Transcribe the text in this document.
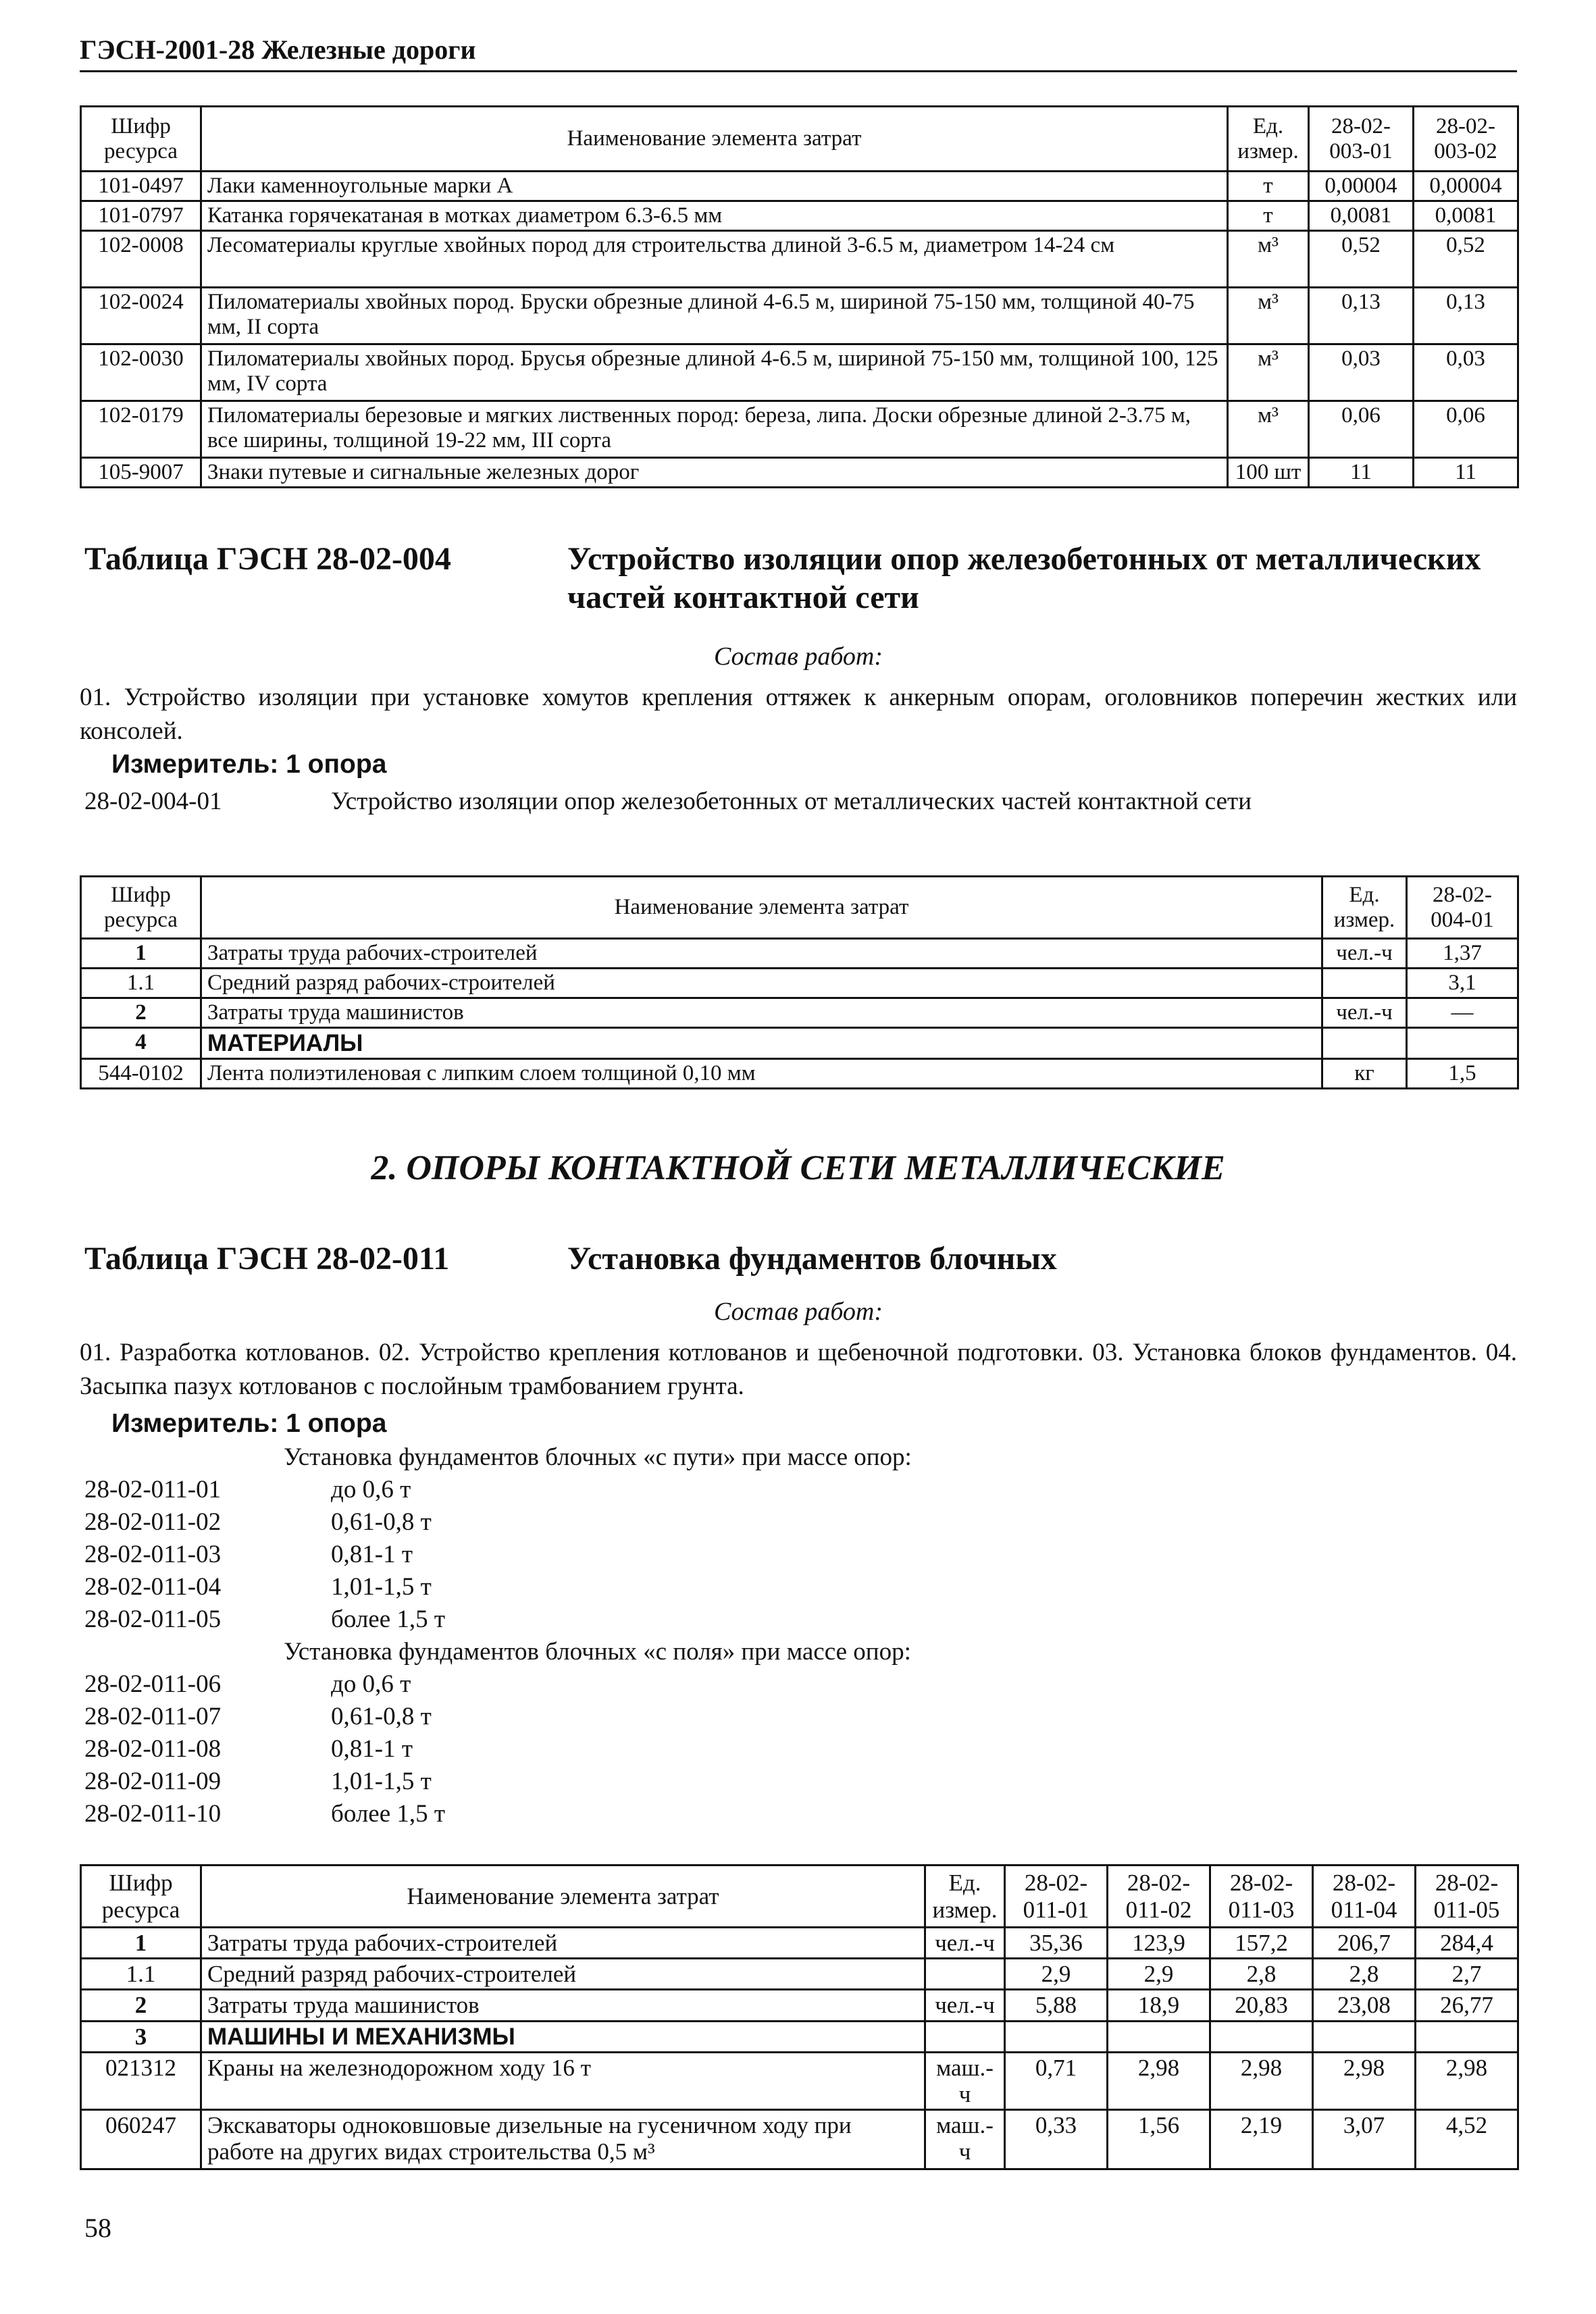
ГЭСН-2001-28 Железные дороги
Шифр ресурса	Наименование элемента затрат	Ед. измер.	28-02-003-01	28-02-003-02
101-0497	Лаки каменноугольные марки А	т	0,00004	0,00004
101-0797	Катанка горячекатаная в мотках диаметром 6.3-6.5 мм	т	0,0081	0,0081
102-0008	Лесоматериалы круглые хвойных пород для строительства длиной 3-6.5 м, диаметром 14-24 см	м³	0,52	0,52
102-0024	Пиломатериалы хвойных пород. Бруски обрезные длиной 4-6.5 м, шириной 75-150 мм, толщиной 40-75 мм, II сорта	м³	0,13	0,13
102-0030	Пиломатериалы хвойных пород. Брусья обрезные длиной 4-6.5 м, шириной 75-150 мм, толщиной 100, 125 мм, IV сорта	м³	0,03	0,03
102-0179	Пиломатериалы березовые и мягких лиственных пород: береза, липа. Доски обрезные длиной 2-3.75 м, все ширины, толщиной 19-22 мм, III сорта	м³	0,06	0,06
105-9007	Знаки путевые и сигнальные железных дорог	100 шт	11	11
Таблица ГЭСН 28-02-004	Устройство изоляции опор железобетонных от металлических частей контактной сети
Состав работ:
01. Устройство изоляции при установке хомутов крепления оттяжек к анкерным опорам, оголовников поперечин жестких или консолей.
Измеритель: 1 опора
28-02-004-01	Устройство изоляции опор железобетонных от металлических частей контактной сети
Шифр ресурса	Наименование элемента затрат	Ед. измер.	28-02-004-01
1	Затраты труда рабочих-строителей	чел.-ч	1,37
1.1	Средний разряд рабочих-строителей		3,1
2	Затраты труда машинистов	чел.-ч	—
4	МАТЕРИАЛЫ		
544-0102	Лента полиэтиленовая с липким слоем толщиной 0,10 мм	кг	1,5
2. ОПОРЫ КОНТАКТНОЙ СЕТИ МЕТАЛЛИЧЕСКИЕ
Таблица ГЭСН 28-02-011	Установка фундаментов блочных
Состав работ:
01. Разработка котлованов. 02. Устройство крепления котлованов и щебеночной подготовки. 03. Установка блоков фундаментов. 04. Засыпка пазух котлованов с послойным трамбованием грунта.
Измеритель: 1 опора
Установка фундаментов блочных «с пути» при массе опор:
28-02-011-01	до 0,6 т
28-02-011-02	0,61-0,8 т
28-02-011-03	0,81-1 т
28-02-011-04	1,01-1,5 т
28-02-011-05	более 1,5 т
Установка фундаментов блочных «с поля» при массе опор:
28-02-011-06	до 0,6 т
28-02-011-07	0,61-0,8 т
28-02-011-08	0,81-1 т
28-02-011-09	1,01-1,5 т
28-02-011-10	более 1,5 т
Шифр ресурса	Наименование элемента затрат	Ед. измер.	28-02-011-01	28-02-011-02	28-02-011-03	28-02-011-04	28-02-011-05
1	Затраты труда рабочих-строителей	чел.-ч	35,36	123,9	157,2	206,7	284,4
1.1	Средний разряд рабочих-строителей		2,9	2,9	2,8	2,8	2,7
2	Затраты труда машинистов	чел.-ч	5,88	18,9	20,83	23,08	26,77
3	МАШИНЫ И МЕХАНИЗМЫ						
021312	Краны на железнодорожном ходу 16 т	маш.-ч	0,71	2,98	2,98	2,98	2,98
060247	Экскаваторы одноковшовые дизельные на гусеничном ходу при работе на других видах строительства 0,5 м³	маш.-ч	0,33	1,56	2,19	3,07	4,52
58
